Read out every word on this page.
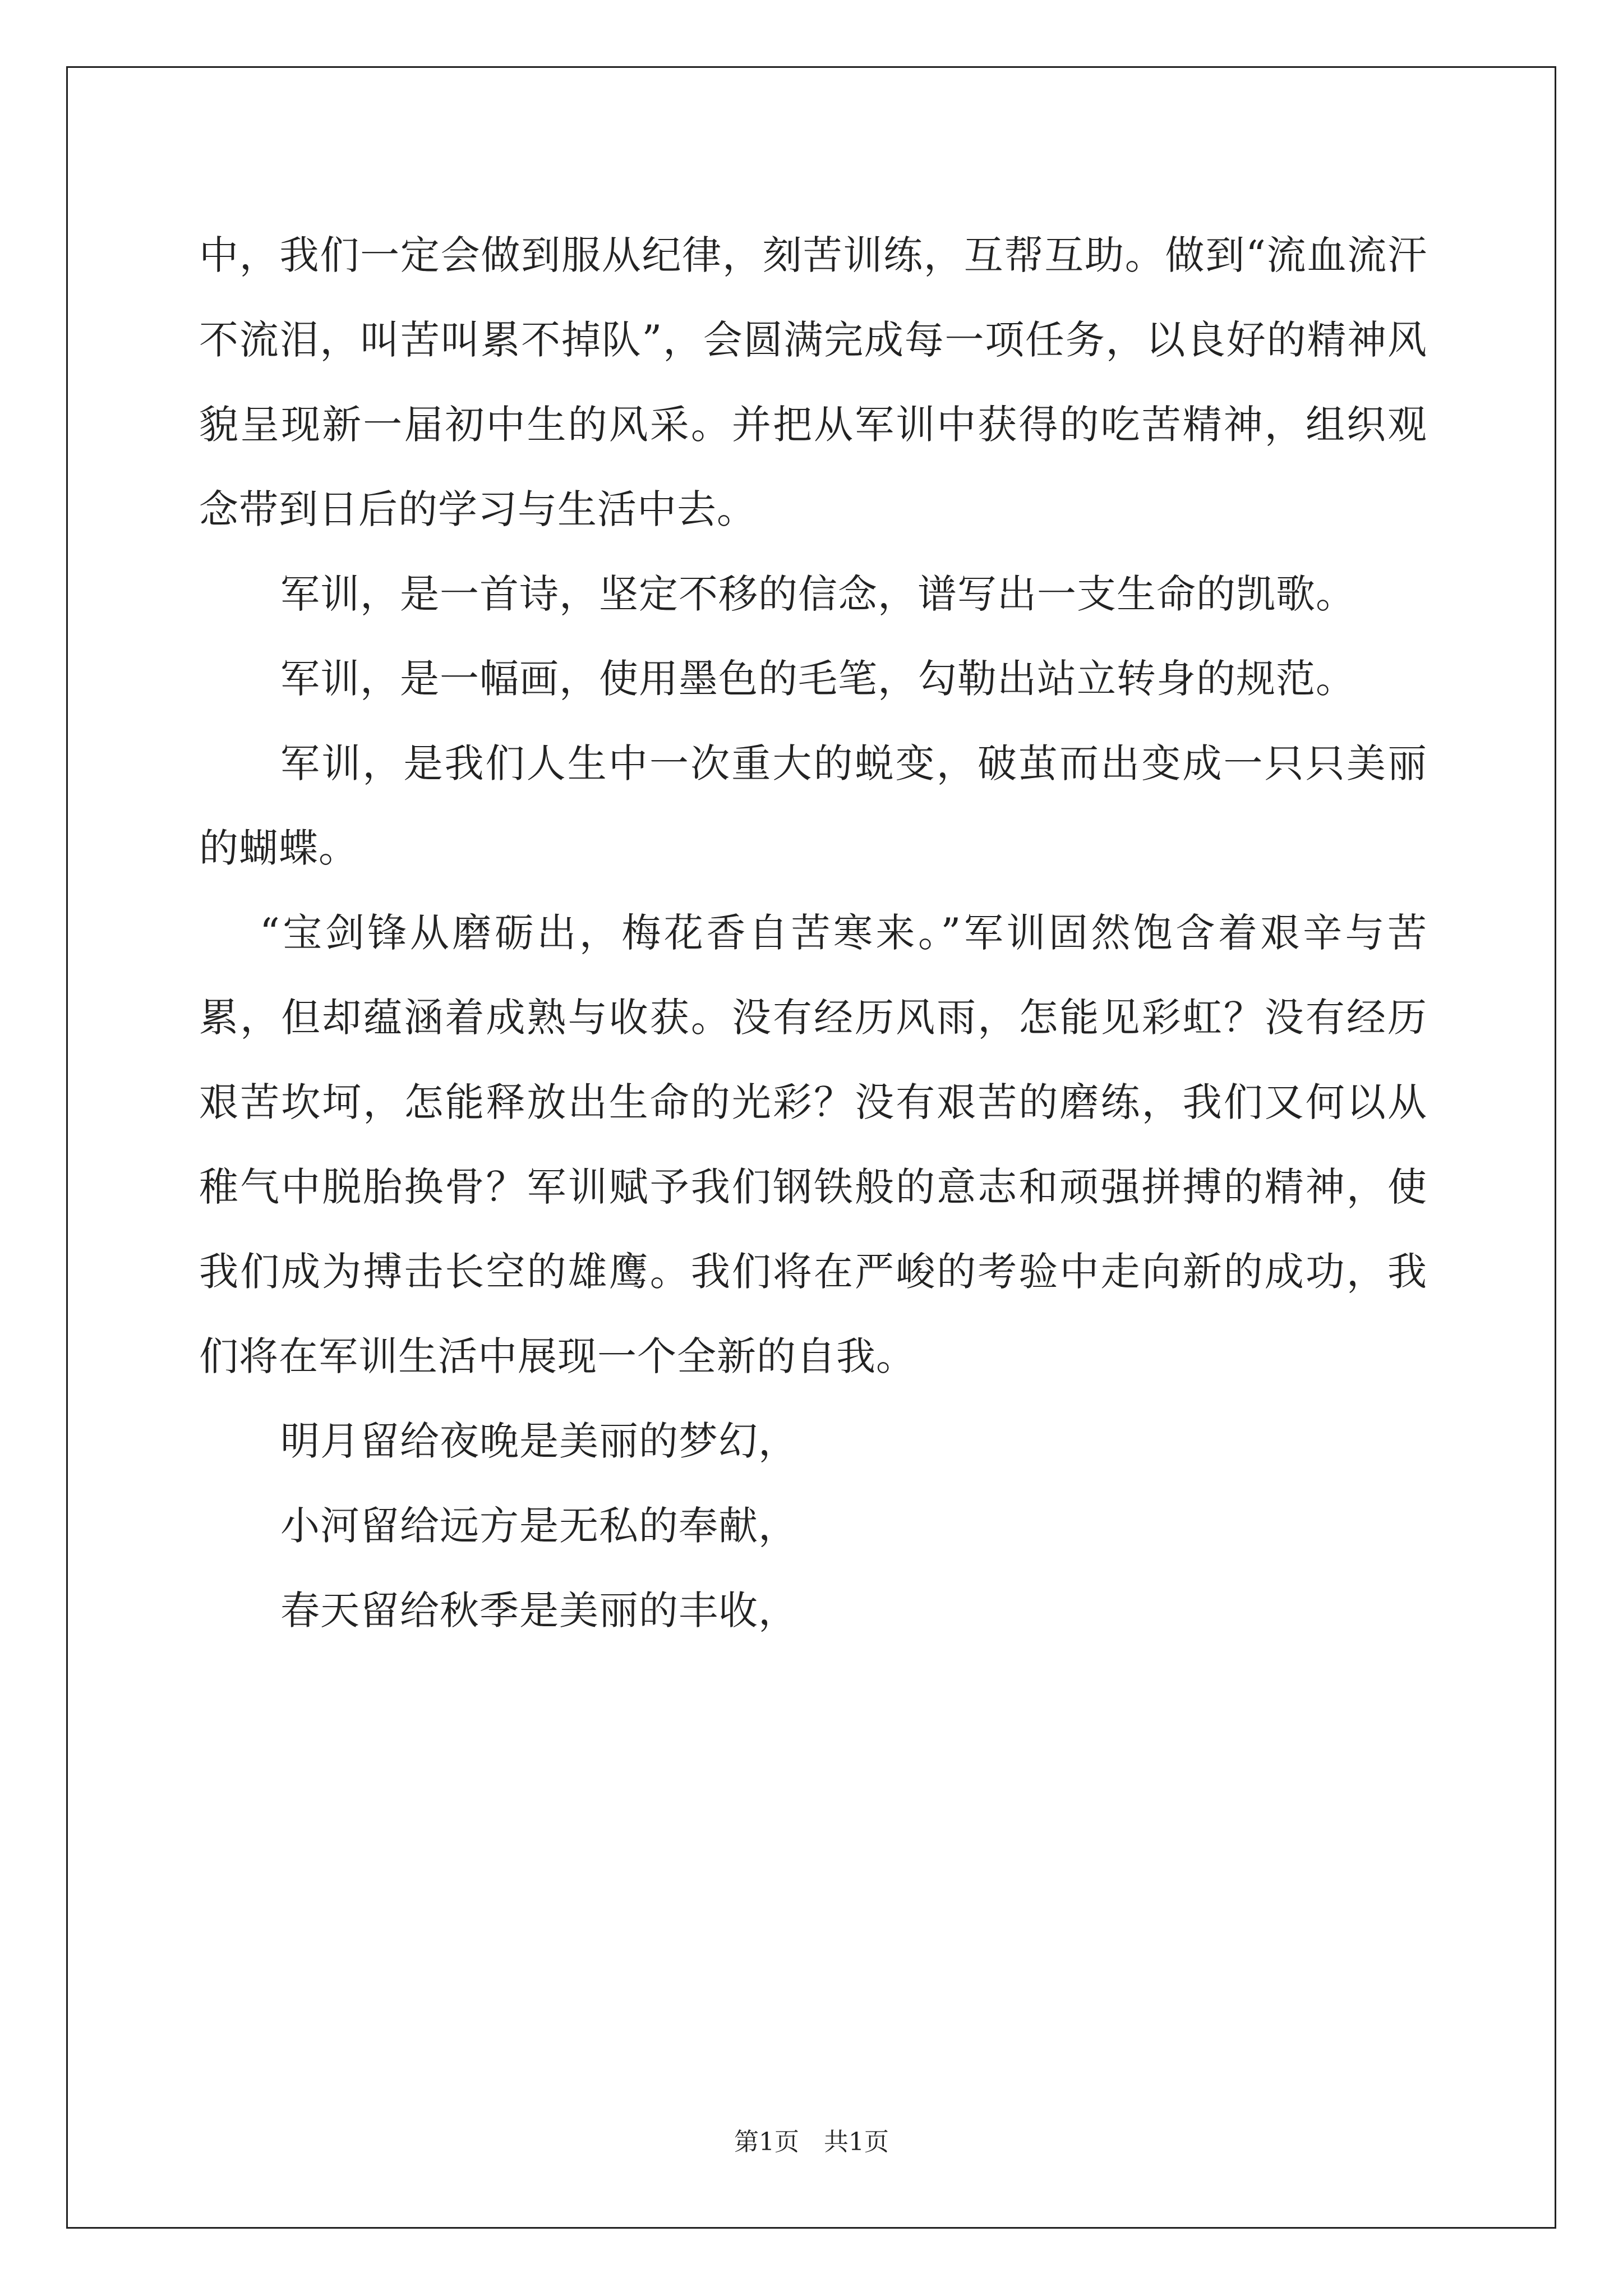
中，我们一定会做到服从纪律，刻苦训练，互帮互助。做到“流血流汗不流泪，叫苦叫累不掉队”，会圆满完成每一项任务，以良好的精神风貌呈现新一届初中生的风采。并把从军训中获得的吃苦精神，组织观念带到日后的学习与生活中去。

军训，是一首诗，坚定不移的信念，谱写出一支生命的凯歌。

军训，是一幅画，使用墨色的毛笔，勾勒出站立转身的规范。

军训，是我们人生中一次重大的蜕变，破茧而出变成一只只美丽的蝴蝶。

“宝剑锋从磨砺出，梅花香自苦寒来。”军训固然饱含着艰辛与苦累，但却蕴涵着成熟与收获。没有经历风雨，怎能见彩虹？没有经历艰苦坎坷，怎能释放出生命的光彩？没有艰苦的磨练，我们又何以从稚气中脱胎换骨？军训赋予我们钢铁般的意志和顽强拼搏的精神，使我们成为搏击长空的雄鹰。我们将在严峻的考验中走向新的成功，我们将在军训生活中展现一个全新的自我。

明月留给夜晚是美丽的梦幻，

小河留给远方是无私的奉献，

春天留给秋季是美丽的丰收，

第1页 共1页
